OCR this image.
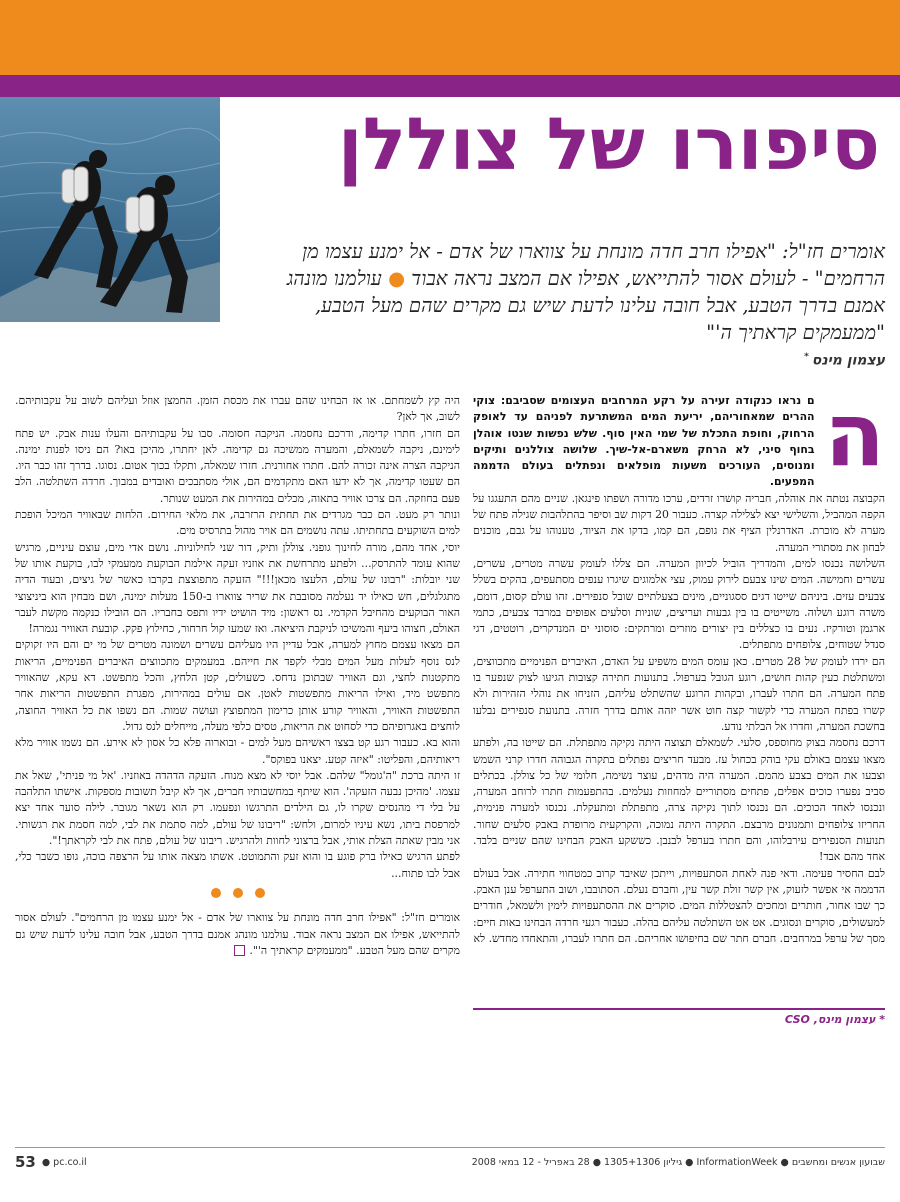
סיפורו של צוללן
אומרים חז"ל: "אפילו חרב חדה מונחת על צווארו של אדם - אל ימנע עצמו מן הרחמים" - לעולם אסור להתייאש, אפילו אם המצב נראה אבוד ● עולמנו מונהג אמנם בדרך הטבע, אבל חובה עלינו לדעת שיש גם מקרים שהם מעל הטבע, "ממעמקים קראתיך ה'"
עצמון מינס*
ה

ם נראו כנקודה זעירה על רקע המרחבים העצומים שסביבם: צוקי ההרים שמאחוריהם, יריעת המים המשתרעת לפניהם עד לאופק הרחוק, וחופת התכלת של שמי האין סוף. שלש נפשות שנטו אוהלן בחוף סיני, לא הרחק משארם-אל-שיך. שלושה צוללנים ותיקים ומנוסים, העורכים משעות מופלאים ונפתלים בעולם הדממה המפעים.

הקבוצה נטתה את אוהלה, חבריה קושרו זרדים, ערכו מדורה ושפתו פינגאן. שניים מהם התעגגו על הקפה המהביל, והשלישי יצא לצלילה קצרה. כעבור 20 דקות שב וסיפר בהתלהבות שגילה פתח של מערה לא מוכרת. האדרנלין הציף את גופם, הם קמו, בדקו את הציוד, טענוהו על גבם, מוכנים לבחון את מסתורי המערה.

השלושה נכנסו למים, והמדריך הוביל לכיוון המערה. הם צללו לעומק עשרה מטרים, עשרים, עשרים וחמישה. המים שינו צבעם לירוק עמוק, עצי אלמוגים שיגרו ענפים מסתעפים, בהקים בשלל צבעים עזים. ביניהם שייטו דגים ססגוניים, מינים בצעלתיים שובל סנפירים. זהו עולם קסום, דומם, משרה רוגע ושלוה. משייטים בו בין גבעות ועריצים, שוניות וסלעים אפופים במרבד צבעים, כתמי ארגמן וטורקיז. נעים בו כצללים בין יצורים מוזרים ומרתקים: סוסוני ים המנדקרים, רוטטים, דגי סנדל שטוחים, צלופחים מתפתלים.

הם ירדו לעומק של 28 מטרים. כאן עומס המים משפיע על האדם, האיברים הפנימיים מתכווצים, ומשתלטת כעין קהות חושים, רוגע הגובל בערפול. בתנועות חתירה קצובות הגיעו לצוק שנפער בו פתח המערה. הם חתרו לעברו, ובקהות הרוגע שהשתלט עליהם, הזניחו את נוהלי הזהירות ולא קשרו בפתח המערה כדי לקשור קצה חוט אשר יזהה אותם בדרך חזרה. בתנועת סנפירים נבלעו בחשכת המערה, וחדרו אל הבלתי נודע.

דרכם נחסמה בצוק מחוספס, סלעי. לשמאלם תצוצה היתה נקיקה מתפתלת. הם שייטו בה, ולפתע מצאו עצמם באולם עקי בוהק בכחול עז. מבעד חריצים נפתלים בתקרה הגבוהה חדרו קרני השמש וצבעו את המים בצבע מהמם. המערה היה מדהים, עוצר נשימה, חלומי של כל צוללן. בכתלים סביב נפערו כוכים אפלים, פתחים מסתוריים למחוזות נעלמים. בהתפעמות חתרו לרוחב המערה, ונכנסו לאחד הכוכים. הם נכנסו לתוך נקיקה צרה, מתפתלת ומתעקלת. נכנסו למערה פנימית, החריזו צלופחים ותמנונים מרבצם. התקרה היתה נמוכה, והקרקעית מרופדת באבק סלעים שחור. תנועות הסנפירים עירבלוהו, והם חתרו בערפל לבנבן. כששקע האבק הבחינו שהם שניים בלבד. אחד מהם אבד!

לבם החסיר פעימה. ודאי פנה לאחת הסתעפויות, וייתכן שאיבד קרוב כמטחווי חתירה. אבל בעולם הדממה אי אפשר לזעוק, אין קשר זולת קשר עין, וחברם נעלם. הסתובבו, ושוב התערפל ענן האבק. כך שבו אחור, חותרים ומחכים להצטללות המים. סוקרים את ההסתעפויות לימין ולשמאל, חודרים למעשולים, סוקרים ונסוגים. אט אט השתלטה עליהם בהלה. כעבור רגעי חרדה הבחינו באות חיים: מסך של ערפל במרחבים. חברם חתר שם בחיפושו אחריהם. הם חתרו לעברו, והתאחדו מחדש. לא

היה קץ לשמחתם. או אז הבחינו שהם עברו את מכסת הזמן. החמצן אוזל ועליהם לשוב על עקבותיהם. לשוב, אך לאן?

הם חזרו, חתרו קדימה, ודרכם נחסמה. הניקבה חסומה. סבו על עקבותיהם והעלו ענות אבק. יש פתח לימינם, ניקבה לשמאלם, והמערה ממשיכה גם קדימה. לאן יחתרו, מהיכן באו? הם ניסו לפנות ימינה. הניקבה הצרה אינה זכורה להם. חתרו אחורנית. חזרו שמאלה, ותקלו בכוך אטום. נסוגו. בדרך זהו כבר היו. הם שעטו קדימה, אך לא ידעו האם מתקדמים הם, אולי מסתבכים ואובדים במבוך. חרדה השתלטה. הלב פעם בחוזקה. הם צרכו אוויר בתאוה, מכלים במהירות את המעט שנותר.

ונותר רק מעט. הם כבר מגרדים את תחתית הרזרבה, את מלאי החירום. הלחות שבאוויר המיכל הופכת למים השוקעים בתחתיתו. עתה נושמים הם אויר מהול בתרסיס מים.

יוסי, אחד מהם, מורה לחינוך גופני. צוללן ותיק, דור שני לחילוניות. נושם אדי מים, עוצם עיניים, מרגיש שהוא עומד להתרסק... ולפתע מתרחשת את אוזניו זעקה אילמת הבוקעת ממעמקי לבו, בוקעת אותו של שני יובלות: "רבונו של עולם, הלעצו מכאן!!!" הזעקה מתפוצצת בקרבו כאשר של גיצים, ובעוד הדיה מתגלגלים, חש כאילו יד נעלמה מסובבת את שריר צווארו ב-150 מעלות ימינה, ושם מבחין הוא ביניצוצי האור הבוקעים מהחיבל הקדמי. נס ראשון: מיד הושיט ידיו ותפס בחבריו. הם הובילו כנקמה מקשת לעבר האולם, חצוהו ביעף והמשיכו לניקבת היציאה. ואז שמעו קול חרחור, כחילוץ פקק. קובעת האוויר נגמרה!

הם מצאו עצמם מחוץ למערה, אבל עדיין היו מעליהם עשרים ושמונה מטרים של מי ים והם היו זקוקים לנס נוסף לעלות מעל המים מבלי לקפד את חייהם. במעמקים מתכווצים האיברים הפנימיים, הריאות מתקטנות לחצי, וגם האוויר שבתוכן נדחס. כשעולים, קטן הלחץ, והכל מתפשט. דא עקא, שהאוויר מתפשט מיד, ואילו הריאות מתפשטות לאטן. אם עולים במהירות, מפגרת התפשטות הריאות אחר התפשטות האוויר, והאוויר קורע אותן כרימון המתפוצץ ועושה שמות. הם נשפו את כל האוויר החוצה, לוחצים באגרופיהם כדי לסחוט את הריאות, טסים כלפי מעלה, מייחלים לנס גדול.

והוא בא. כעבור רגע קט בצצו ראשיהם מעל למים - ובוארוה פלא כל אסון לא אירע. הם נשמו אוויר מלא ריאותיהם, והפליטו: "איזה קטע. יצאנו בפוקס".

זו היתה ברכת "ה'גומל" שלהם. אבל יוסי לא מצא מנוח. הזעקה הדהדה באוזניו. 'אל מי פניתי', שאל את עצמו. 'מהיכן נבעה הזעקה'. הוא שיתף במחשבותיו חברים, אך לא קיבל תשובות מספקות. אישתו התלהבה על בלי די מהנסים שקרו לו, גם הילדים התרגשו ונפעמו. רק הוא נשאר מגובר. לילה סוער אחד יצא למרפסת ביתו, נשא עיניו למרום, ולחש: "ריבונו של עולם, למה סתמת את לבי, למה חסמת את רגשותי. אני מבין שאתה הצלת אותי, אבל ברצוני לחוות ולהרגיש. ריבונו של עולם, פתח את לבי לקראתך!".

לפתע הרגיש כאילו ברק פוגע בו והוא זעק והתמוטט. אשתו מצאה אותו על הרצפה בוכה, גופו כשבר כלי, אבל לבו פתוח...

אומרים חז"ל: "אפילו חרב חדה מונחת על צווארו של אדם - אל ימנע עצמו מן הרחמים". לעולם אסור להתייאש, אפילו אם המצב נראה אבוד. עולמנו מונהג אמנם בדרך הטבע, אבל חובה עלינו לדעת שיש גם מקרים שהם מעל הטבע. "ממעמקים קראתיך ה'".

* עצמון מינס, CSO
53 ● pc.co.il	שבועון אנשים ומחשבים ● InformationWeek ● גיליון 1305+1306 ● 28 באפריל - 12 במאי 2008
